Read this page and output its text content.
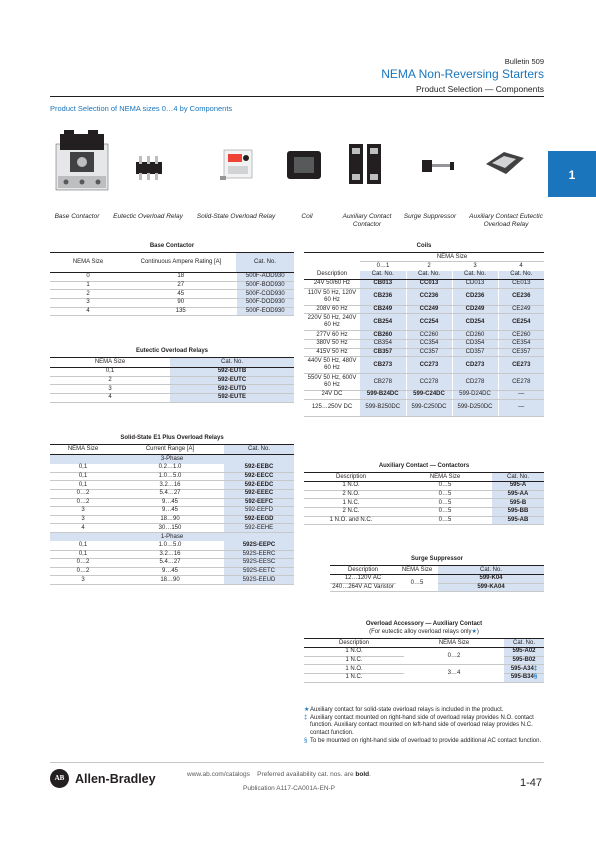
Bulletin 509
NEMA Non-Reversing Starters
Product Selection — Components
Product Selection of NEMA sizes 0…4 by Components
1
Base Contactor	Eutectic Overload Relay	Solid-State Overload Relay	Coil	Auxiliary Contact Contactor
Surge Suppressor	Auxiliary Contact Eutectic Overload Relay
Base Contactor		
NEMA Size	Continuous Ampere Rating [A]	Cat. No.
0	18	500F-AOD930
1	27	500F-BOD930
2	45	500F-COD930
3	90	500F-DOD930
4	135	500F-EOD930
Eutectic Overload Relays	
NEMA Size	Cat. No.
0,1	592-EUTB
2	592-EUTC
3	592-EUTD
4	592-EUTE
Solid-State E1 Plus Overload Relays		
NEMA Size	Current Range [A]	Cat. No.
3-Phase		
0,1	0.2…1.0	592-EEBC
0,1	1.0…5.0	592-EECC
0,1	3.2…16	592-EEDC
0…2	5.4…27	592-EEEC
0…2	9…45	592-EEFC
3	9…45	592-EEFD
3	18…90	592-EEGD
4	30…150	592-EEHE
1-Phase		
0,1	1.0…5.0	592S-EEPC
0,1	3.2…16	592S-EERC
0…2	5.4…27	592S-EESC
0…2	9…45	592S-EETC
3	18…90	592S-EEUD
Coils				
	NEMA Size			
	0…1	2	3	4
Description	Cat. No.	Cat. No.	Cat. No.	Cat. No.
24V 50/60 Hz	CB013	CC013	CD013	CE013
110V 50 Hz, 120V 60 Hz	CB236	CC236	CD236	CE236
208V 60 Hz	CB249	CC249	CD249	CE249
220V 50 Hz, 240V 60 Hz	CB254	CC254	CD254	CE254
277V 60 Hz	CB260	CC260	CD260	CE260
380V 50 Hz	CB354	CC354	CD354	CE354
415V 50 Hz	CB357	CC357	CD357	CE357
440V 50 Hz, 480V 60 Hz	CB273	CC273	CD273	CE273
550V 50 Hz, 600V 60 Hz	CB278	CC278	CD278	CE278
24V DC	599-B24DC	599-C24DC	599-D24DC	—
125…250V DC	599-B250DC	599-C250DC	599-D250DC	—
Auxiliary Contact — Contactors		
Description	NEMA Size	Cat. No.
1 N.O.	0…5	595-A
2 N.O.	0…5	595-AA
1 N.C.	0…5	595-B
2 N.C.	0…5	595-BB
1 N.O. and N.C.	0…5	595-AB
Surge Suppressor		
Description	NEMA Size	Cat. No.
12…120V AC	0…5	599-K04
240…264V AC Varistor		599-KA04
Overload Accessory — Auxiliary Contact		
(For eutectic alloy overload relays only★)		
Description	NEMA Size	Cat. No.
1 N.O.	0…2	595-A02
1 N.C.		595-B02
1 N.O.	3…4	595-A34‡
1 N.C.		595-B34§
★Auxiliary contact for solid-state overload relays is included in the product.
‡ Auxiliary contact mounted on right-hand side of overload relay provides N.O. contact function. Auxiliary contact mounted on left-hand side of overload relay provides N.C. contact function.
§ To be mounted on right-hand side of overload to provide additional AC contact function.
AB Allen-Bradley	www.ab.com/catalogs Preferred availability cat. nos. are bold.
Publication A117-CA001A-EN-P	1-47
